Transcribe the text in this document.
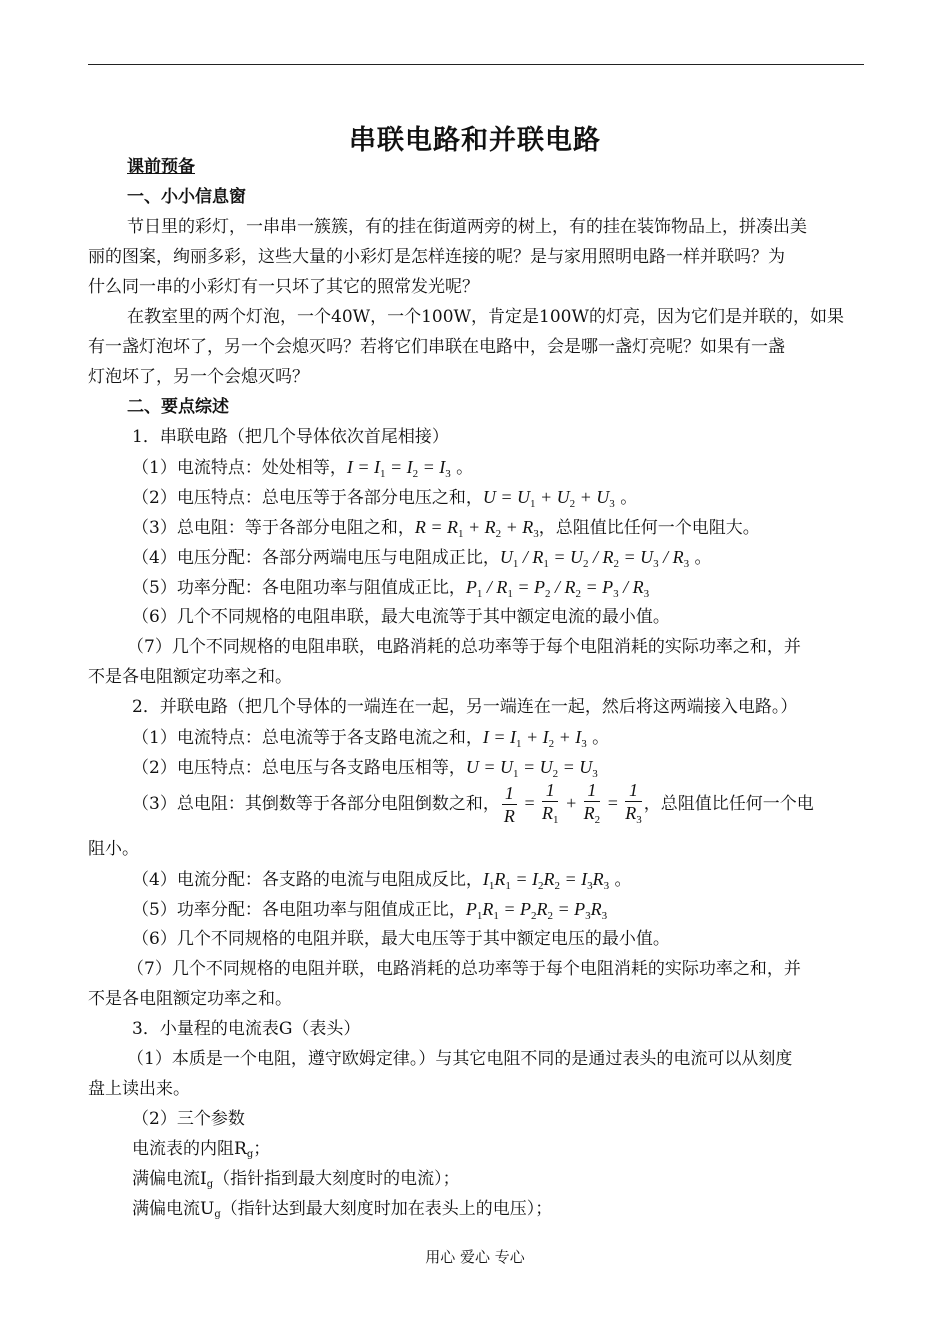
串联电路和并联电路
课前预备
一、小小信息窗
节日里的彩灯，一串串一簇簇，有的挂在街道两旁的树上，有的挂在装饰物品上，拼凑出美
丽的图案，绚丽多彩，这些大量的小彩灯是怎样连接的呢？是与家用照明电路一样并联吗？为
什么同一串的小彩灯有一只坏了其它的照常发光呢？
在教室里的两个灯泡，一个40W，一个100W，肯定是100W的灯亮，因为它们是并联的，如果
有一盏灯泡坏了，另一个会熄灭吗？若将它们串联在电路中，会是哪一盏灯亮呢？如果有一盏
灯泡坏了，另一个会熄灭吗？
二、要点综述
1．串联电路（把几个导体依次首尾相接）
（1）电流特点：处处相等，$I = I_1 = I_2 = I_3$ 。
（2）电压特点：总电压等于各部分电压之和，$U = U_1 + U_2 + U_3$ 。
（3）总电阻：等于各部分电阻之和，$R = R_1 + R_2 + R_3$，总阻值比任何一个电阻大。
（4）电压分配：各部分两端电压与电阻成正比，$U_1 / R_1 = U_2 / R_2 = U_3 / R_3$ 。
（5）功率分配：各电阻功率与阻值成正比，$P_1 / R_1 = P_2 / R_2 = P_3 / R_3$
（6）几个不同规格的电阻串联，最大电流等于其中额定电流的最小值。
（7）几个不同规格的电阻串联，电路消耗的总功率等于每个电阻消耗的实际功率之和，并
不是各电阻额定功率之和。
2．并联电路（把几个导体的一端连在一起，另一端连在一起，然后将这两端接入电路。）
（1）电流特点：总电流等于各支路电流之和，$I = I_1 + I_2 + I_3$ 。
（2）电压特点：总电压与各支路电压相等，$U = U_1 = U_2 = U_3$
（3）总电阻：其倒数等于各部分电阻倒数之和， $\frac{1}{R} = \frac{1}{R_1} + \frac{1}{R_2} = \frac{1}{R_3}$ ，总阻值比任何一个电
阻小。
（4）电流分配：各支路的电流与电阻成反比，$I_1R_1 = I_2R_2 = I_3R_3$ 。
（5）功率分配：各电阻功率与阻值成正比，$P_1R_1 = P_2R_2 = P_3R_3$
（6）几个不同规格的电阻并联，最大电压等于其中额定电压的最小值。
（7）几个不同规格的电阻并联，电路消耗的总功率等于每个电阻消耗的实际功率之和，并
不是各电阻额定功率之和。
3．小量程的电流表G（表头）
（1）本质是一个电阻，遵守欧姆定律。）与其它电阻不同的是通过表头的电流可以从刻度
盘上读出来。
（2）三个参数
电流表的内阻Rg；
满偏电流Ig（指针指到最大刻度时的电流）；
满偏电流Ug（指针达到最大刻度时加在表头上的电压）；
用心 爱心 专心
